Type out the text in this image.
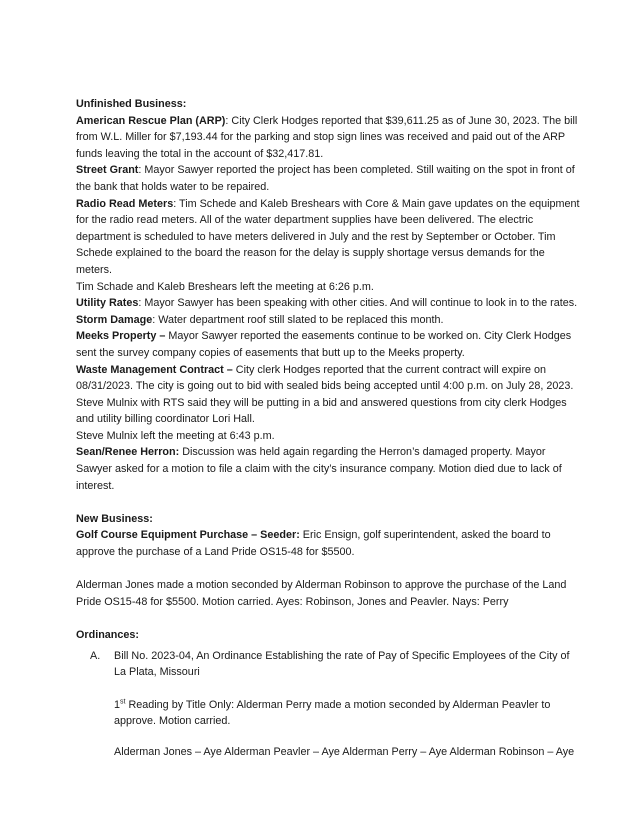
Unfinished Business:

American Rescue Plan (ARP): City Clerk Hodges reported that $39,611.25 as of June 30, 2023. The bill from W.L. Miller for $7,193.44 for the parking and stop sign lines was received and paid out of the ARP funds leaving the total in the account of $32,417.81.

Street Grant: Mayor Sawyer reported the project has been completed. Still waiting on the spot in front of the bank that holds water to be repaired.

Radio Read Meters: Tim Schede and Kaleb Breshears with Core & Main gave updates on the equipment for the radio read meters. All of the water department supplies have been delivered. The electric department is scheduled to have meters delivered in July and the rest by September or October. Tim Schede explained to the board the reason for the delay is supply shortage versus demands for the meters.

Tim Schade and Kaleb Breshears left the meeting at 6:26 p.m.

Utility Rates: Mayor Sawyer has been speaking with other cities. And will continue to look in to the rates.

Storm Damage: Water department roof still slated to be replaced this month.

Meeks Property – Mayor Sawyer reported the easements continue to be worked on. City Clerk Hodges sent the survey company copies of easements that butt up to the Meeks property.

Waste Management Contract – City clerk Hodges reported that the current contract will expire on 08/31/2023. The city is going out to bid with sealed bids being accepted until 4:00 p.m. on July 28, 2023. Steve Mulnix with RTS said they will be putting in a bid and answered questions from city clerk Hodges and utility billing coordinator Lori Hall.

Steve Mulnix left the meeting at 6:43 p.m.

Sean/Renee Herron: Discussion was held again regarding the Herron’s damaged property. Mayor Sawyer asked for a motion to file a claim with the city’s insurance company. Motion died due to lack of interest.

New Business:

Golf Course Equipment Purchase – Seeder: Eric Ensign, golf superintendent, asked the board to approve the purchase of a Land Pride OS15-48 for $5500.

Alderman Jones made a motion seconded by Alderman Robinson to approve the purchase of the Land Pride OS15-48 for $5500. Motion carried. Ayes: Robinson, Jones and Peavler. Nays: Perry

Ordinances:

A.	Bill No. 2023-04, An Ordinance Establishing the rate of Pay of Specific Employees of the City of La Plata, Missouri
1st Reading by Title Only: Alderman Perry made a motion seconded by Alderman Peavler to approve. Motion carried.
Alderman Jones – Aye Alderman Peavler – Aye Alderman Perry – Aye Alderman Robinson – Aye
